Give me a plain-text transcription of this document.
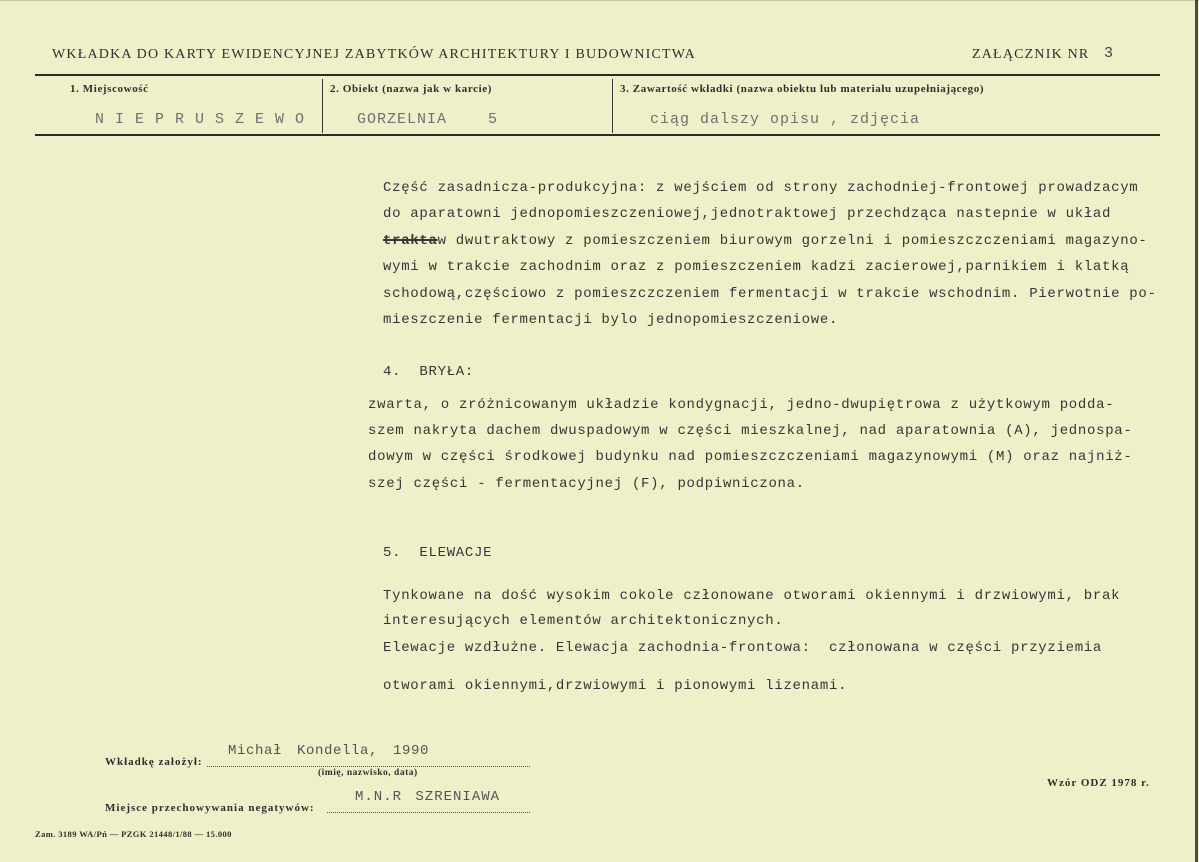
WKŁADKA DO KARTY EWIDENCYJNEJ ZABYTKÓW ARCHITEKTURY I BUDOWNICTWA	ZAŁĄCZNIK NR 3
1. Miejscowość	2. Obiekt (nazwa jak w karcie)	3. Zawartość wkładki (nazwa obiektu lub materiału uzupełniającego)
N I E P R U S Z E W O	GORZELNIA	5	ciąg dalszy opisu , zdjęcia
Część zasadnicza-produkcyjna: z wejściem od strony zachodniej-frontowej prowadzacym
do aparatowni jednopomieszczeniowej,jednotraktowej przechdząca nastepnie w układ
traktaw dwutraktowy z pomieszczeniem biurowym gorzelni i pomieszczczeniami magazyno-
wymi w trakcie zachodnim oraz z pomieszczeniem kadzi zacierowej,parnikiem i klatką
schodową,częściowo z pomieszczczeniem fermentacji w trakcie wschodnim. Pierwotnie po-
mieszczenie fermentacji bylo jednopomieszczeniowe.
4.  BRYŁA:
zwarta, o zróżnicowanym układzie kondygnacji, jedno-dwupiętrowa z użytkowym podda-
szem nakryta dachem dwuspadowym w części mieszkalnej, nad aparatownia (A), jednospa-
dowym w części środkowej budynku nad pomieszczczeniami magazynowymi (M) oraz najniż-
szej części - fermentacyjnej (F), podpiwniczona.
5.  ELEWACJE
Tynkowane na dość wysokim cokole członowane otworami okiennymi i drzwiowymi, brak
interesujących elementów architektonicznych.
Elewacje wzdłużne. Elewacja zachodnia-frontowa:  członowana w części przyziemia
otworami okiennymi,drzwiowymi i pionowymi lizenami.
Michał Kondella, 1990
Wkładkę założył:
(imię, nazwisko, data)
Wzór ODZ 1978 r.
M.N.R SZRENIAWA
Miejsce przechowywania negatywów:
Zam. 3189 WA/Pń — PZGK 21448/1/88 — 15.000
